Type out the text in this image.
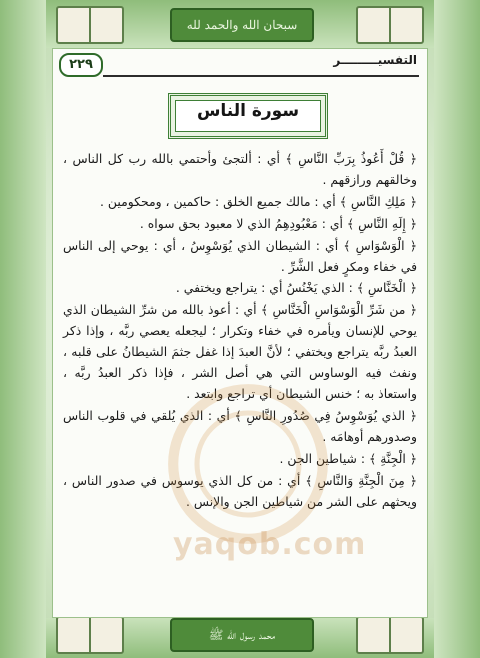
سبحان الله والحمد لله
محمد رسول الله ﷺ
٢٢٩	التفسيـــــــــر
سورة الناس

﴿ قُلْ أَعُوذُ بِرَبِّ النَّاسِ ﴾ أي : ألتجئ وأحتمي بالله رب كل الناس ، وخالقهم ورازقهم .

﴿ مَلِكِ النَّاسِ ﴾ أي : مالك جميع الخلق : حاكمين ، ومحكومين .

﴿ إِلَهِ النَّاسِ ﴾ أي : مَعْبُودِهِمُ الذي لا معبود بحق سواه .

﴿ الْوَسْوَاسِ ﴾ أي : الشيطان الذي يُوَسْوِسُ ، أي : يوحي إلى الناس في خفاء ومكرٍ فعل الشَّرِّ .

﴿ الْخَنَّاسِ ﴾ : الذي يَخْنُسُ أي : يتراجع ويختفي .

﴿ من شَرِّ الْوَسْوَاسِ الْخَنَّاسِ ﴾ أي : أعوذ بالله من شرِّ الشيطان الذي يوحي للإنسان ويأمره في خفاء وتكرار ؛ ليجعله يعصي ربَّه ، وإذا ذكر العبدُ ربَّه يتراجع ويختفي ؛ لأنَّ العبدَ إذا غفل جثمَ الشيطانُ على قلبه ، ونفث فيه الوساوس التي هي أصل الشر ، فإذا ذكر العبدُ ربَّه ، واستعاذ به ؛ خنس الشيطان أي تراجع وابتعد .

﴿ الذي يُوَسْوِسُ فِي صُدُورِ النَّاسِ ﴾ أي : الذي يُلقي في قلوب الناس وصدورهم أوهامَه .

﴿ الْجِنَّةِ ﴾ : شياطين الجن .

﴿ مِنَ الْجِنَّةِ وَالنَّاسِ ﴾ أي : من كل الذي يوسوس في صدور الناس ، ويحثهم على الشر من شياطين الجن والإنس .

yaqob.com
